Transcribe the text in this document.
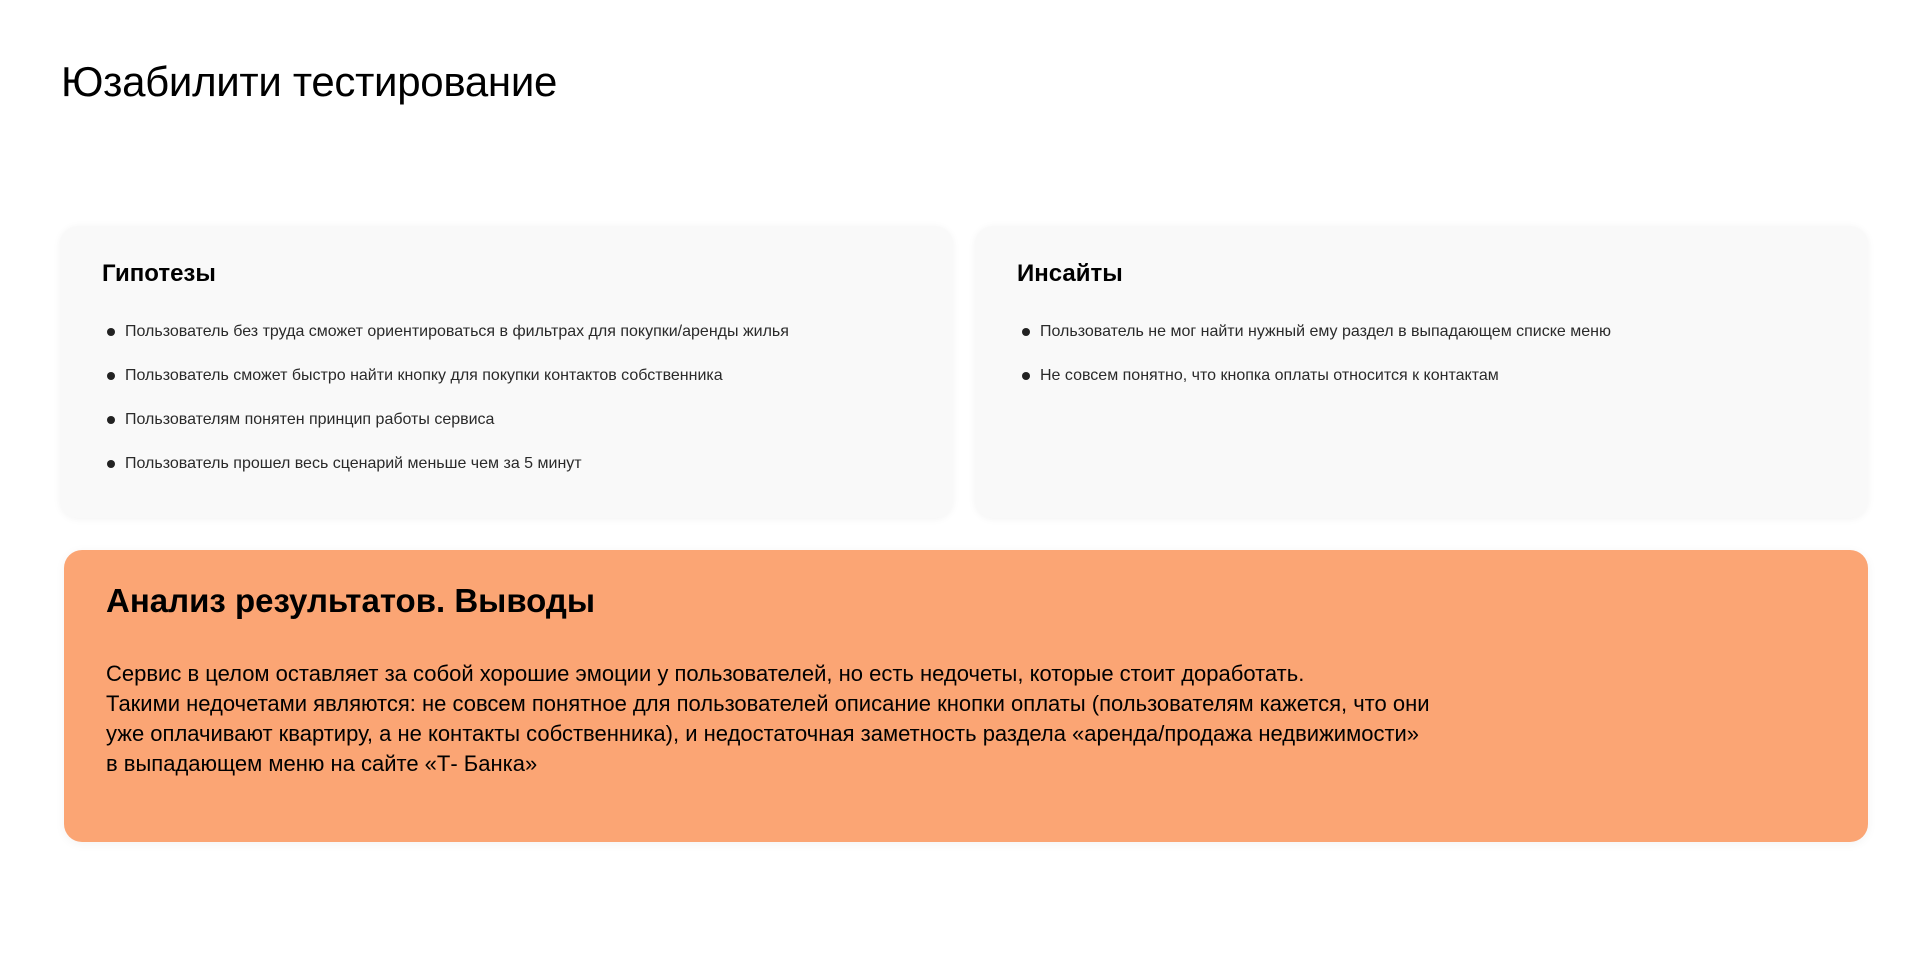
Юзабилити тестирование
Гипотезы
Пользователь без труда сможет ориентироваться в фильтрах для покупки/аренды жилья
Пользователь сможет быстро найти кнопку для покупки контактов собственника
Пользователям понятен принцип работы сервиса
Пользователь прошел весь сценарий меньше чем за 5 минут
Инсайты
Пользователь не мог найти нужный ему раздел в выпадающем списке меню
Не совсем понятно, что кнопка оплаты относится к контактам
Анализ результатов. Выводы

Сервис в целом оставляет за собой хорошие эмоции у пользователей, но есть недочеты, которые стоит доработать.

Такими недочетами являются: не совсем понятное для пользователей описание кнопки оплаты (пользователям кажется, что они

уже оплачивают квартиру, а не контакты собственника), и недостаточная заметность раздела «аренда/продажа недвижимости»

в выпадающем меню на сайте «Т- Банка»
